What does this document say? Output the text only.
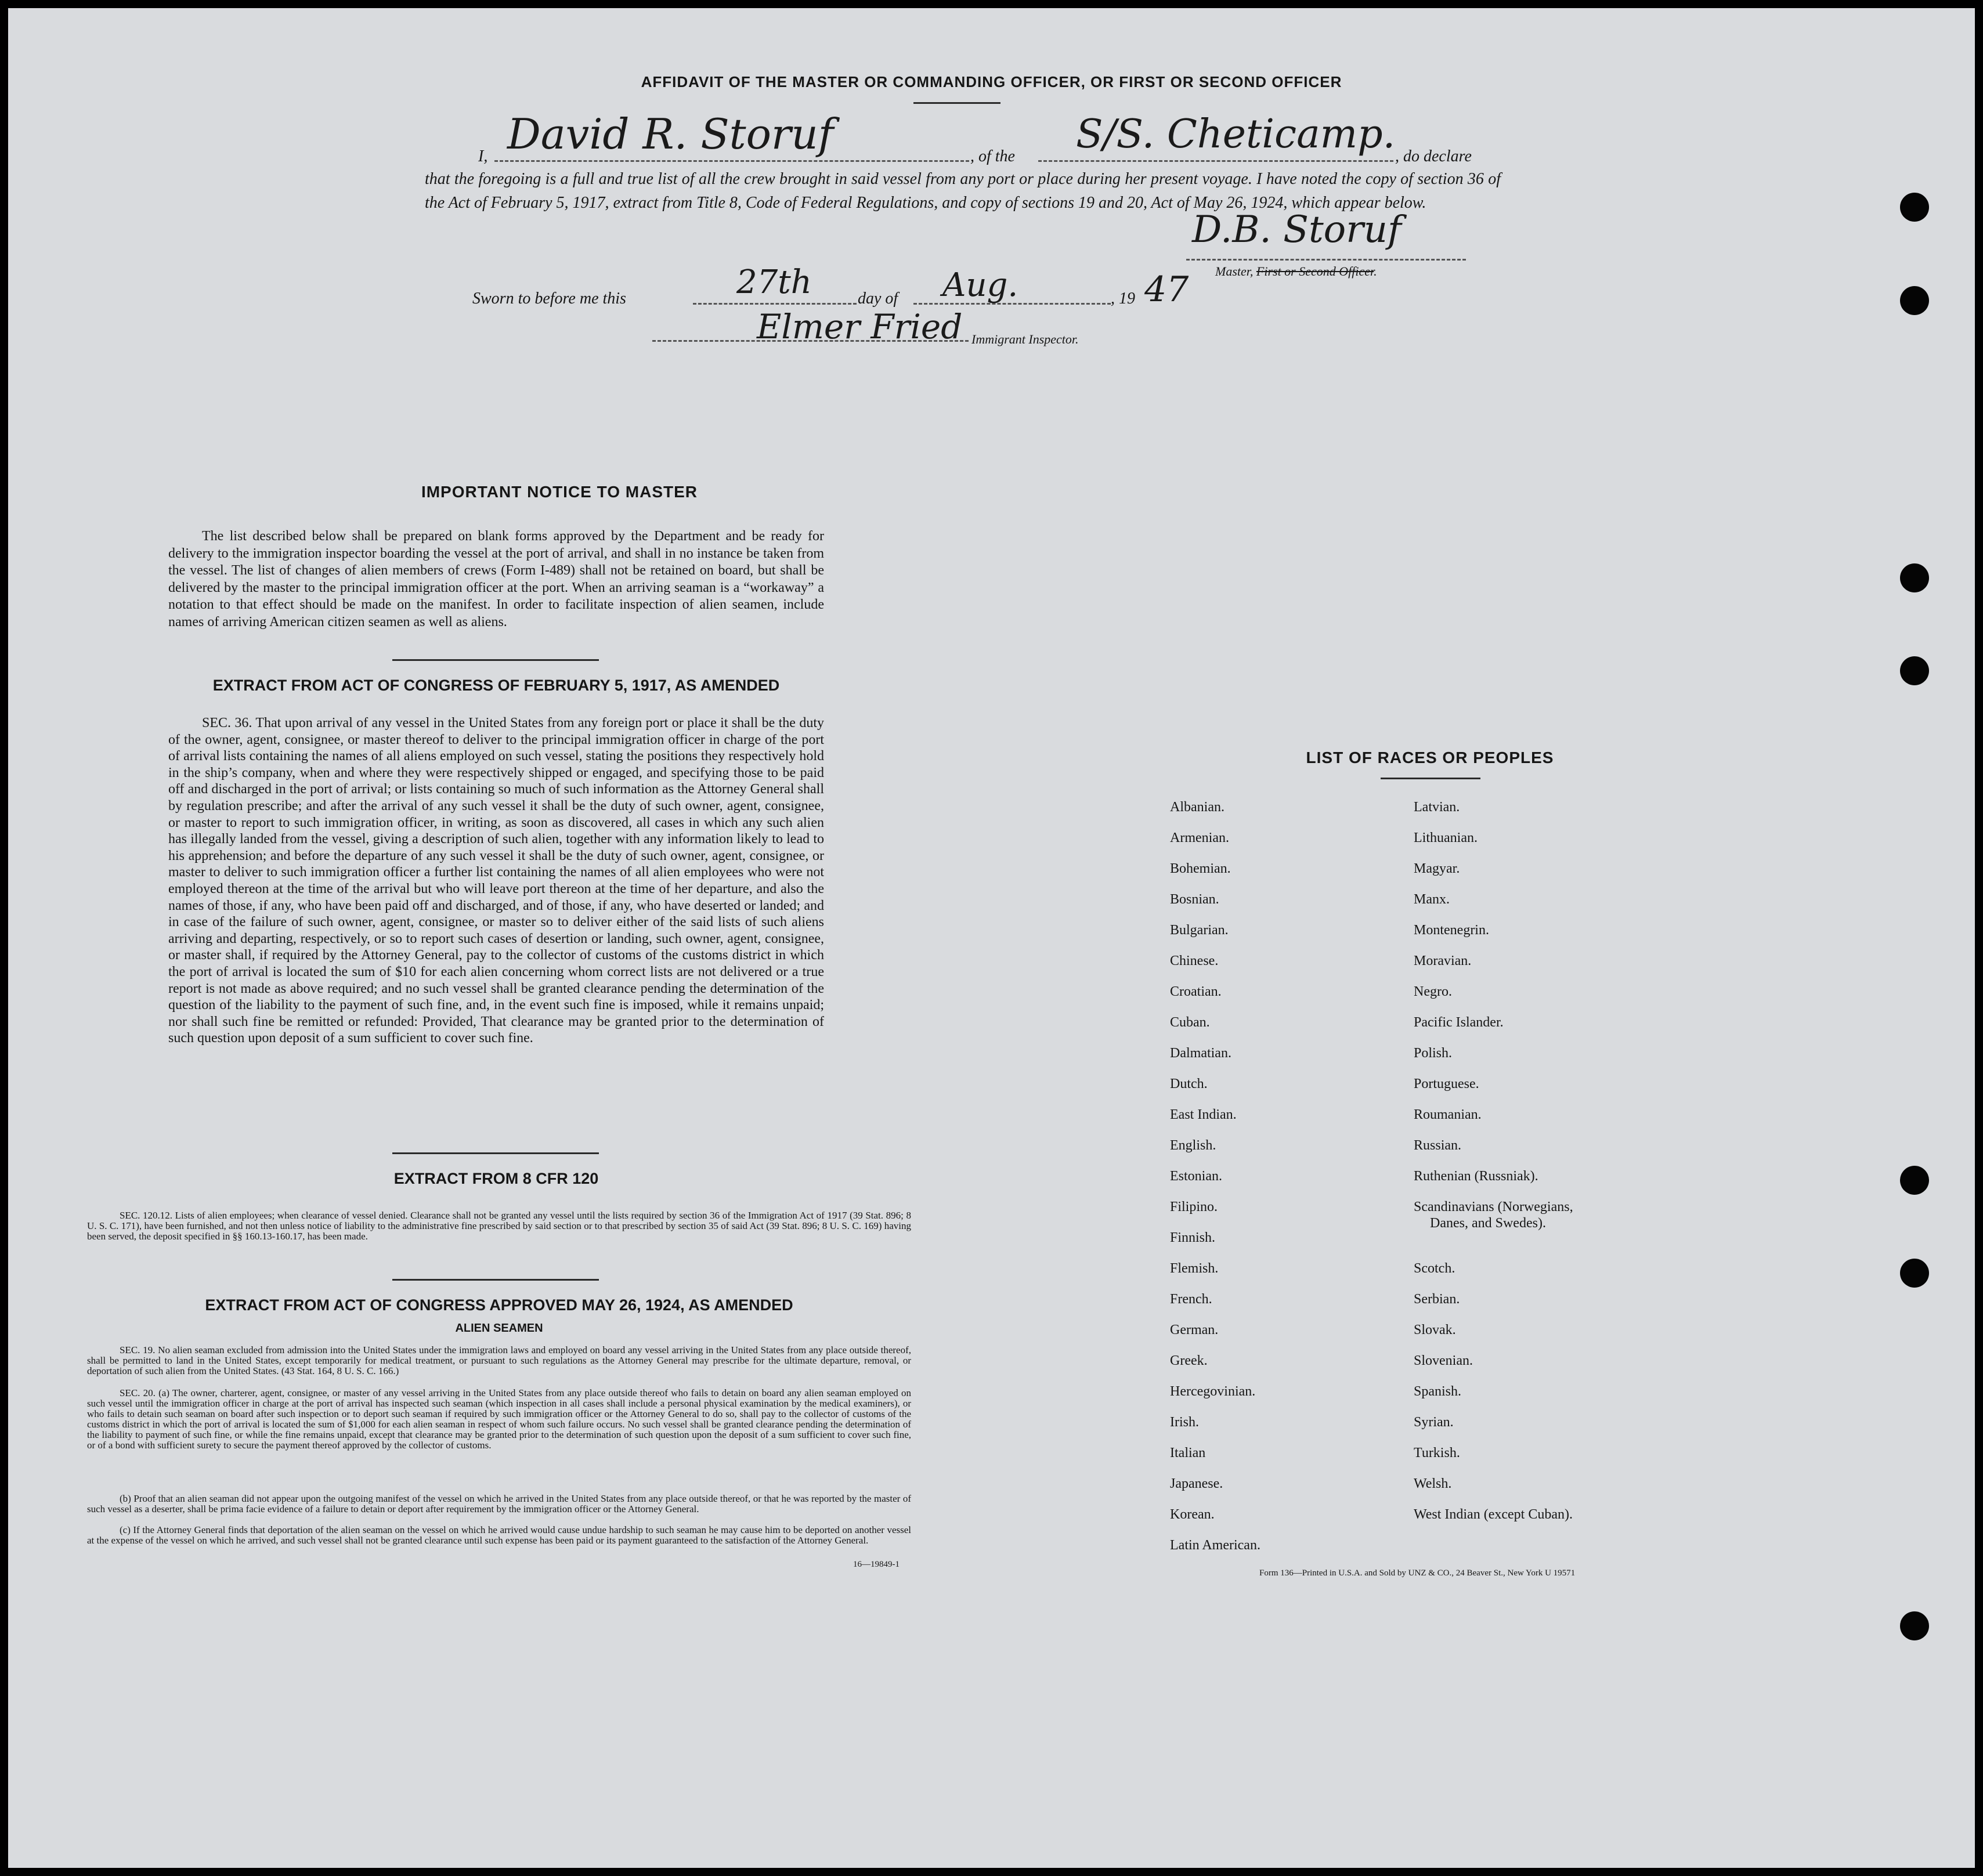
AFFIDAVIT OF THE MASTER OR COMMANDING OFFICER, OR FIRST OR SECOND OFFICER
I, David R. Storuf	, of the S/S. Cheticamp. , do declare
that the foregoing is a full and true list of all the crew brought in said vessel from any port or place during her present voyage. I have noted the copy of section 36 of the Act of February 5, 1917, extract from Title 8, Code of Federal Regulations, and copy of sections 19 and 20, Act of May 26, 1924, which appear below.
D.B. Storuf
Master, First or Second Officer.
Sworn to before me this	27th	day of Aug.	, 19 47
Elmer Fried Immigrant Inspector.
IMPORTANT NOTICE TO MASTER
The list described below shall be prepared on blank forms approved by the Department and be ready for delivery to the immigration inspector boarding the vessel at the port of arrival, and shall in no instance be taken from the vessel. The list of changes of alien members of crews (Form I-489) shall not be retained on board, but shall be delivered by the master to the principal immigration officer at the port. When an arriving seaman is a “workaway” a notation to that effect should be made on the manifest. In order to facilitate inspection of alien seamen, include names of arriving American citizen seamen as well as aliens.
EXTRACT FROM ACT OF CONGRESS OF FEBRUARY 5, 1917, AS AMENDED
SEC. 36. That upon arrival of any vessel in the United States from any foreign port or place it shall be the duty of the owner, agent, consignee, or master thereof to deliver to the principal immigration officer in charge of the port of arrival lists containing the names of all aliens employed on such vessel, stating the positions they respectively hold in the ship’s company, when and where they were respectively shipped or engaged, and specifying those to be paid off and discharged in the port of arrival; or lists containing so much of such information as the Attorney General shall by regulation prescribe; and after the arrival of any such vessel it shall be the duty of such owner, agent, consignee, or master to report to such immigration officer, in writing, as soon as discovered, all cases in which any such alien has illegally landed from the vessel, giving a description of such alien, together with any information likely to lead to his apprehension; and before the departure of any such vessel it shall be the duty of such owner, agent, consignee, or master to deliver to such immigration officer a further list containing the names of all alien employees who were not employed thereon at the time of the arrival but who will leave port thereon at the time of her departure, and also the names of those, if any, who have been paid off and discharged, and of those, if any, who have deserted or landed; and in case of the failure of such owner, agent, consignee, or master so to deliver either of the said lists of such aliens arriving and departing, respectively, or so to report such cases of desertion or landing, such owner, agent, consignee, or master shall, if required by the Attorney General, pay to the collector of customs of the customs district in which the port of arrival is located the sum of $10 for each alien concerning whom correct lists are not delivered or a true report is not made as above required; and no such vessel shall be granted clearance pending the determination of the question of the liability to the payment of such fine, and, in the event such fine is imposed, while it remains unpaid; nor shall such fine be remitted or refunded: Provided, That clearance may be granted prior to the determination of such question upon deposit of a sum sufficient to cover such fine.
EXTRACT FROM 8 CFR 120
SEC. 120.12. Lists of alien employees; when clearance of vessel denied. Clearance shall not be granted any vessel until the lists required by section 36 of the Immigration Act of 1917 (39 Stat. 896; 8 U. S. C. 171), have been furnished, and not then unless notice of liability to the administrative fine prescribed by said section or to that prescribed by section 35 of said Act (39 Stat. 896; 8 U. S. C. 169) having been served, the deposit specified in §§ 160.13-160.17, has been made.
EXTRACT FROM ACT OF CONGRESS APPROVED MAY 26, 1924, AS AMENDED
ALIEN SEAMEN
SEC. 19. No alien seaman excluded from admission into the United States under the immigration laws and employed on board any vessel arriving in the United States from any place outside thereof, shall be permitted to land in the United States, except temporarily for medical treatment, or pursuant to such regulations as the Attorney General may prescribe for the ultimate departure, removal, or deportation of such alien from the United States. (43 Stat. 164, 8 U. S. C. 166.)
SEC. 20. (a) The owner, charterer, agent, consignee, or master of any vessel arriving in the United States from any place outside thereof who fails to detain on board any alien seaman employed on such vessel until the immigration officer in charge at the port of arrival has inspected such seaman (which inspection in all cases shall include a personal physical examination by the medical examiners), or who fails to detain such seaman on board after such inspection or to deport such seaman if required by such immigration officer or the Attorney General to do so, shall pay to the collector of customs of the customs district in which the port of arrival is located the sum of $1,000 for each alien seaman in respect of whom such failure occurs. No such vessel shall be granted clearance pending the determination of the liability to payment of such fine, or while the fine remains unpaid, except that clearance may be granted prior to the determination of such question upon the deposit of a sum sufficient to cover such fine, or of a bond with sufficient surety to secure the payment thereof approved by the collector of customs.
(b) Proof that an alien seaman did not appear upon the outgoing manifest of the vessel on which he arrived in the United States from any place outside thereof, or that he was reported by the master of such vessel as a deserter, shall be prima facie evidence of a failure to detain or deport after requirement by the immigration officer or the Attorney General.
(c) If the Attorney General finds that deportation of the alien seaman on the vessel on which he arrived would cause undue hardship to such seaman he may cause him to be deported on another vessel at the expense of the vessel on which he arrived, and such vessel shall not be granted clearance until such expense has been paid or its payment guaranteed to the satisfaction of the Attorney General.
16—19849-1
LIST OF RACES OR PEOPLES
Albanian.
Armenian.
Bohemian.
Bosnian.
Bulgarian.
Chinese.
Croatian.
Cuban.
Dalmatian.
Dutch.
East Indian.
English.
Estonian.
Filipino.
Finnish.
Flemish.
French.
German.
Greek.
Hercegovinian.
Irish.
Italian
Japanese.
Korean.
Latin American.
Latvian.
Lithuanian.
Magyar.
Manx.
Montenegrin.
Moravian.
Negro.
Pacific Islander.
Polish.
Portuguese.
Roumanian.
Russian.
Ruthenian (Russniak).
Scandinavians (Norwegians,
Danes, and Swedes).
Scotch.
Serbian.
Slovak.
Slovenian.
Spanish.
Syrian.
Turkish.
Welsh.
West Indian (except Cuban).
Form 136—Printed in U.S.A. and Sold by UNZ & CO., 24 Beaver St., New York U 19571
